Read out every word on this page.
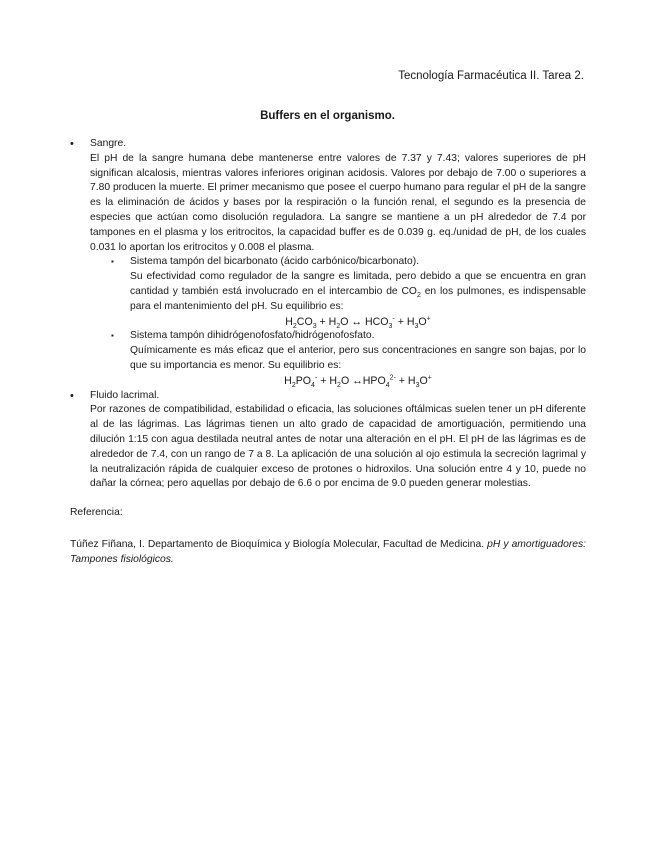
Tecnología Farmacéutica II. Tarea 2.
Buffers en el organismo.
•	Sangre.

El pH de la sangre humana debe mantenerse entre valores de 7.37 y 7.43; valores superiores de pH significan alcalosis, mientras valores inferiores originan acidosis. Valores por debajo de 7.00 o superiores a 7.80 producen la muerte. El primer mecanismo que posee el cuerpo humano para regular el pH de la sangre es la eliminación de ácidos y bases por la respiración o la función renal, el segundo es la presencia de especies que actúan como disolución reguladora. La sangre se mantiene a un pH alrededor de 7.4 por tampones en el plasma y los eritrocitos, la capacidad buffer es de 0.039 g. eq./unidad de pH, de los cuales 0.031 lo aportan los eritrocitos y 0.008 el plasma.

▪ Sistema tampón del bicarbonato (ácido carbónico/bicarbonato).

Su efectividad como regulador de la sangre es limitada, pero debido a que se encuentra en gran cantidad y también está involucrado en el intercambio de $CO_2$ en los pulmones, es indispensable para el mantenimiento del pH. Su equilibrio es:

$H_2CO_3 + H_2O$ ↔ $HCO_3^- + H_3O^+$
▪ Sistema tampón dihidrógenofosfato/hidrógenofosfato.

Químicamente es más eficaz que el anterior, pero sus concentraciones en sangre son bajas, por lo que su importancia es menor. Su equilibrio es:

$H_2PO_4^- + H_2O$ $\leftrightarrow HPO_4^{2-} + H_3O^+$
•	Fluido lacrimal.

Por razones de compatibilidad, estabilidad o eficacia, las soluciones oftálmicas suelen tener un pH diferente al de las lágrimas. Las lágrimas tienen un alto grado de capacidad de amortiguación, permitiendo una dilución 1:15 con agua destilada neutral antes de notar una alteración en el pH. El pH de las lágrimas es de alrededor de 7.4, con un rango de 7 a 8. La aplicación de una solución al ojo estimula la secreción lagrimal y la neutralización rápida de cualquier exceso de protones o hidroxilos. Una solución entre 4 y 10, puede no dañar la córnea; pero aquellas por debajo de 6.6 o por encima de 9.0 pueden generar molestias.

Referencia:
Túñez Fiñana, I. Departamento de Bioquímica y Biología Molecular, Facultad de Medicina. pH y amortiguadores: Tampones fisiológicos.
